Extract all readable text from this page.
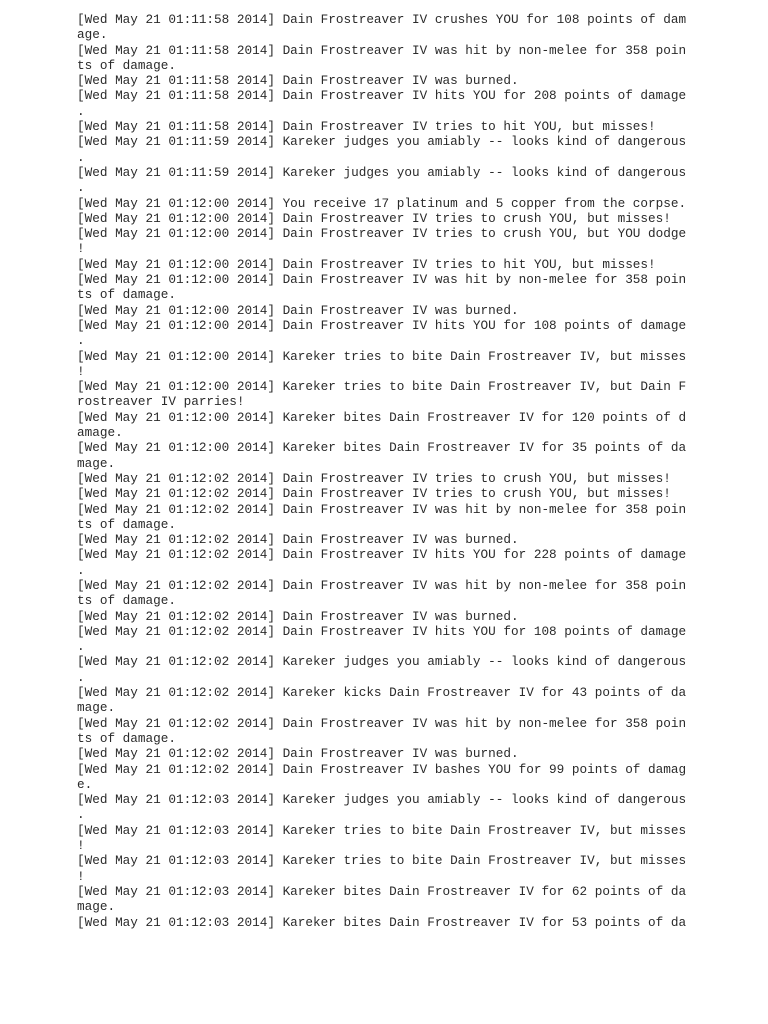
[Wed May 21 01:11:58 2014] Dain Frostreaver IV crushes YOU for 108 points of dam
age.
[Wed May 21 01:11:58 2014] Dain Frostreaver IV was hit by non-melee for 358 poin
ts of damage.
[Wed May 21 01:11:58 2014] Dain Frostreaver IV was burned.
[Wed May 21 01:11:58 2014] Dain Frostreaver IV hits YOU for 208 points of damage
.
[Wed May 21 01:11:58 2014] Dain Frostreaver IV tries to hit YOU, but misses!
[Wed May 21 01:11:59 2014] Kareker judges you amiably -- looks kind of dangerous
.
[Wed May 21 01:11:59 2014] Kareker judges you amiably -- looks kind of dangerous
.
[Wed May 21 01:12:00 2014] You receive 17 platinum and 5 copper from the corpse.
[Wed May 21 01:12:00 2014] Dain Frostreaver IV tries to crush YOU, but misses!
[Wed May 21 01:12:00 2014] Dain Frostreaver IV tries to crush YOU, but YOU dodge
!
[Wed May 21 01:12:00 2014] Dain Frostreaver IV tries to hit YOU, but misses!
[Wed May 21 01:12:00 2014] Dain Frostreaver IV was hit by non-melee for 358 poin
ts of damage.
[Wed May 21 01:12:00 2014] Dain Frostreaver IV was burned.
[Wed May 21 01:12:00 2014] Dain Frostreaver IV hits YOU for 108 points of damage
.
[Wed May 21 01:12:00 2014] Kareker tries to bite Dain Frostreaver IV, but misses
!
[Wed May 21 01:12:00 2014] Kareker tries to bite Dain Frostreaver IV, but Dain F
rostreaver IV parries!
[Wed May 21 01:12:00 2014] Kareker bites Dain Frostreaver IV for 120 points of d
amage.
[Wed May 21 01:12:00 2014] Kareker bites Dain Frostreaver IV for 35 points of da
mage.
[Wed May 21 01:12:02 2014] Dain Frostreaver IV tries to crush YOU, but misses!
[Wed May 21 01:12:02 2014] Dain Frostreaver IV tries to crush YOU, but misses!
[Wed May 21 01:12:02 2014] Dain Frostreaver IV was hit by non-melee for 358 poin
ts of damage.
[Wed May 21 01:12:02 2014] Dain Frostreaver IV was burned.
[Wed May 21 01:12:02 2014] Dain Frostreaver IV hits YOU for 228 points of damage
.
[Wed May 21 01:12:02 2014] Dain Frostreaver IV was hit by non-melee for 358 poin
ts of damage.
[Wed May 21 01:12:02 2014] Dain Frostreaver IV was burned.
[Wed May 21 01:12:02 2014] Dain Frostreaver IV hits YOU for 108 points of damage
.
[Wed May 21 01:12:02 2014] Kareker judges you amiably -- looks kind of dangerous
.
[Wed May 21 01:12:02 2014] Kareker kicks Dain Frostreaver IV for 43 points of da
mage.
[Wed May 21 01:12:02 2014] Dain Frostreaver IV was hit by non-melee for 358 poin
ts of damage.
[Wed May 21 01:12:02 2014] Dain Frostreaver IV was burned.
[Wed May 21 01:12:02 2014] Dain Frostreaver IV bashes YOU for 99 points of damag
e.
[Wed May 21 01:12:03 2014] Kareker judges you amiably -- looks kind of dangerous
.
[Wed May 21 01:12:03 2014] Kareker tries to bite Dain Frostreaver IV, but misses
!
[Wed May 21 01:12:03 2014] Kareker tries to bite Dain Frostreaver IV, but misses
!
[Wed May 21 01:12:03 2014] Kareker bites Dain Frostreaver IV for 62 points of da
mage.
[Wed May 21 01:12:03 2014] Kareker bites Dain Frostreaver IV for 53 points of da
